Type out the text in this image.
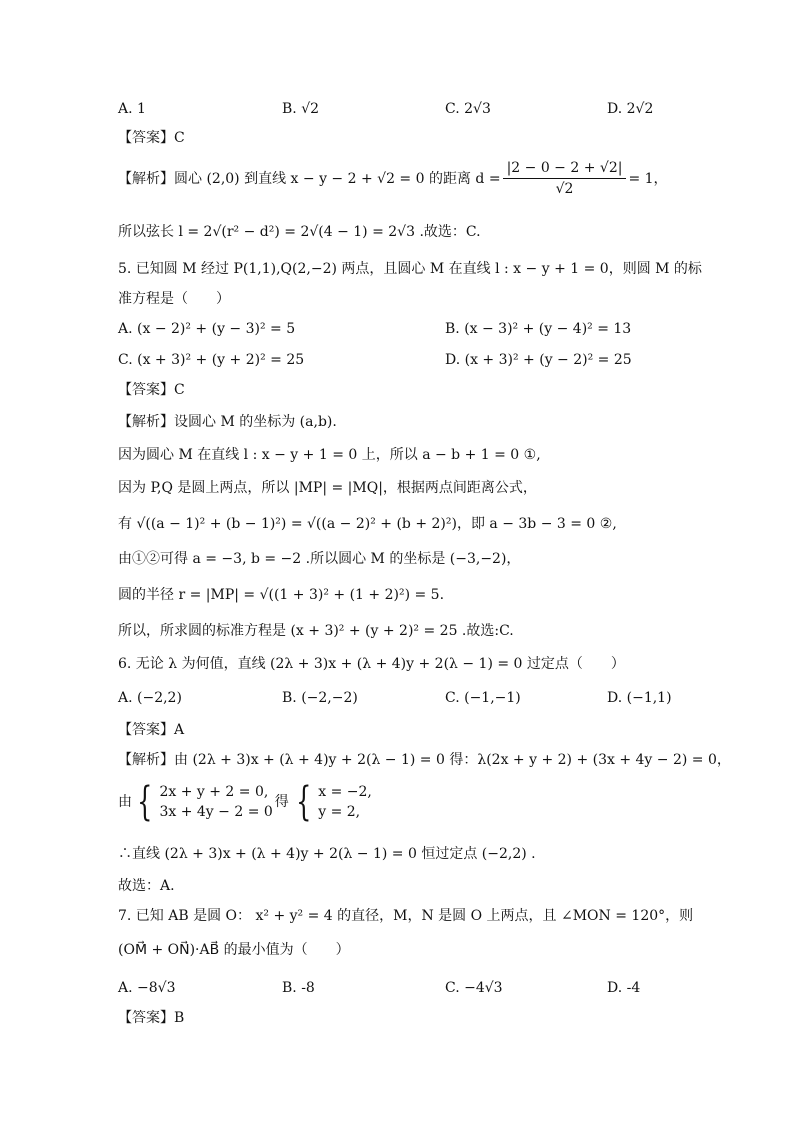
A. 1	B. √2	C. 2√3	D. 2√2
【答案】C
【解析】圆心 (2,0) 到直线 x − y − 2 + √2 = 0 的距离 $d = \frac{|2 - 0 - 2 + √2|}{√2} = 1$，
所以弦长 l = 2√(r² − d²) = 2√(4 − 1) = 2√3 .故选：C.
5. 已知圆 M 经过 P(1,1),Q(2,−2) 两点，且圆心 M 在直线 l : x − y + 1 = 0，则圆 M 的标
准方程是（　　）
A. (x − 2)² + (y − 3)² = 5	B. (x − 3)² + (y − 4)² = 13
C. (x + 3)² + (y + 2)² = 25	D. (x + 3)² + (y − 2)² = 25
【答案】C
【解析】设圆心 M 的坐标为 (a,b).
因为圆心 M 在直线 l : x − y + 1 = 0 上，所以 a − b + 1 = 0 ①,
因为 P,Q 是圆上两点，所以 |MP| = |MQ|，根据两点间距离公式，
有 √((a − 1)² + (b − 1)²) = √((a − 2)² + (b + 2)²)，即 a − 3b − 3 = 0 ②,
由①②可得 a = −3, b = −2 .所以圆心 M 的坐标是 (−3,−2)，
圆的半径 r = |MP| = √((1 + 3)² + (1 + 2)²) = 5.
所以，所求圆的标准方程是 (x + 3)² + (y + 2)² = 25 .故选:C.
6. 无论 λ 为何值，直线 (2λ + 3)x + (λ + 4)y + 2(λ − 1) = 0 过定点（　　）
A. (−2,2)	B. (−2,−2)	C. (−1,−1)	D. (−1,1)
【答案】A
【解析】由 (2λ + 3)x + (λ + 4)y + 2(λ − 1) = 0 得：λ(2x + y + 2) + (3x + 4y − 2) = 0，
由 { 2x + y + 2 = 0,
3x + 4y − 2 = 0
得 { x = −2,
y = 2,
∴直线 (2λ + 3)x + (λ + 4)y + 2(λ − 1) = 0 恒过定点 (−2,2) .
故选：A.
7. 已知 AB 是圆 O： x² + y² = 4 的直径，M，N 是圆 O 上两点，且 ∠MON = 120°，则
(OM⃗ + ON⃗)·AB⃗ 的最小值为（　　）
A. −8√3	B. -8	C. −4√3	D. -4
【答案】B
